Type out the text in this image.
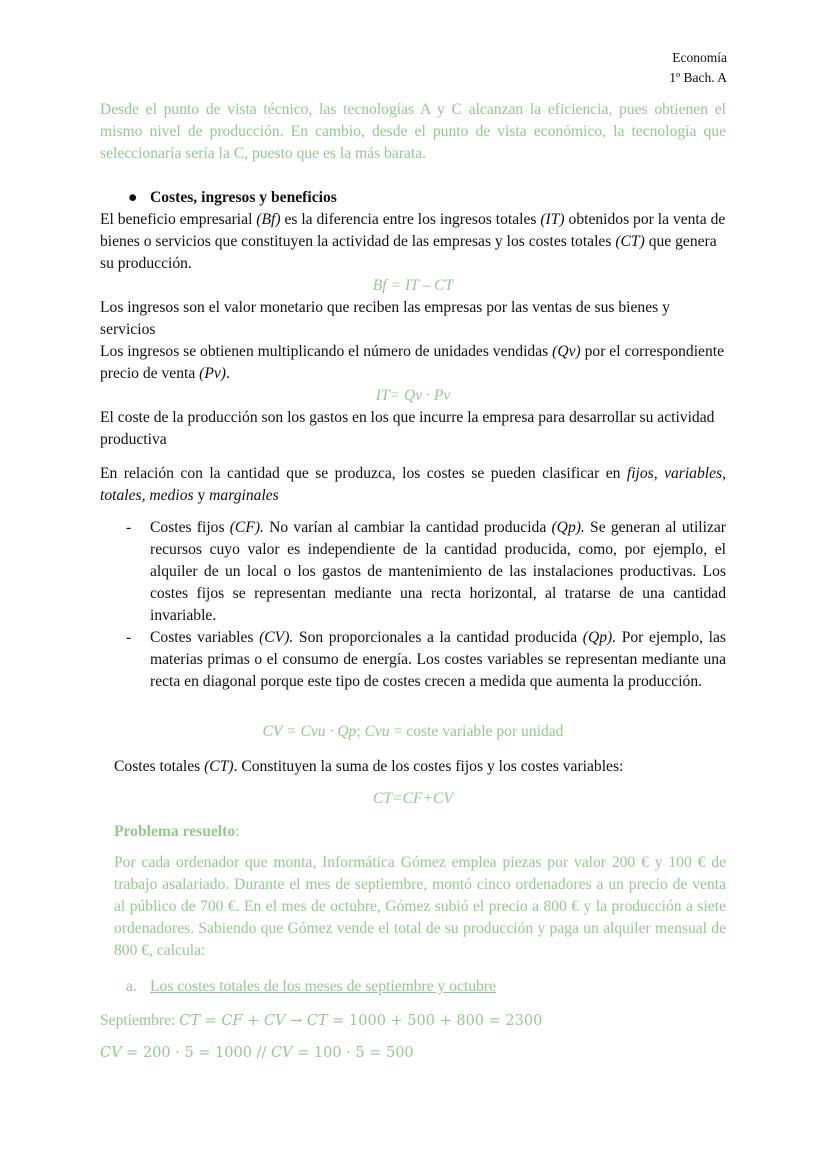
Economía
1º Bach. A
Desde el punto de vista técnico, las tecnologías A y C alcanzan la eficiencia, pues obtienen el mismo nivel de producción. En cambio, desde el punto de vista económico, la tecnología que seleccionaría sería la C, puesto que es la más barata.
● Costes, ingresos y beneficios
El beneficio empresarial (Bf) es la diferencia entre los ingresos totales (IT) obtenidos por la venta de bienes o servicios que constituyen la actividad de las empresas y los costes totales (CT) que genera su producción.
Bf = IT – CT
Los ingresos son el valor monetario que reciben las empresas por las ventas de sus bienes y servicios
Los ingresos se obtienen multiplicando el número de unidades vendidas (Qv) por el correspondiente precio de venta (Pv).
IT= Qv · Pv
El coste de la producción son los gastos en los que incurre la empresa para desarrollar su actividad productiva
En relación con la cantidad que se produzca, los costes se pueden clasificar en fijos, variables, totales, medios y marginales
- Costes fijos (CF). No varían al cambiar la cantidad producida (Qp). Se generan al utilizar recursos cuyo valor es independiente de la cantidad producida, como, por ejemplo, el alquiler de un local o los gastos de mantenimiento de las instalaciones productivas. Los costes fijos se representan mediante una recta horizontal, al tratarse de una cantidad invariable.
- Costes variables (CV). Son proporcionales a la cantidad producida (Qp). Por ejemplo, las materias primas o el consumo de energía. Los costes variables se representan mediante una recta en diagonal porque este tipo de costes crecen a medida que aumenta la producción.
CV = Cvu · Qp; Cvu = coste variable por unidad
Costes totales (CT). Constituyen la suma de los costes fijos y los costes variables:
CT=CF+CV
Problema resuelto:
Por cada ordenador que monta, Informática Gómez emplea piezas por valor 200 € y 100 € de trabajo asalariado. Durante el mes de septiembre, montó cinco ordenadores a un precio de venta al público de 700 €. En el mes de octubre, Gómez subió el precio a 800 € y la producción a siete ordenadores. Sabiendo que Gómez vende el total de su producción y paga un alquiler mensual de 800 €, calcula:
a. Los costes totales de los meses de septiembre y octubre
Septiembre: CT = CF + CV → CT = 1000 + 500 + 800 = 2300
CV = 200 · 5 = 1000 // CV = 100 · 5 = 500
